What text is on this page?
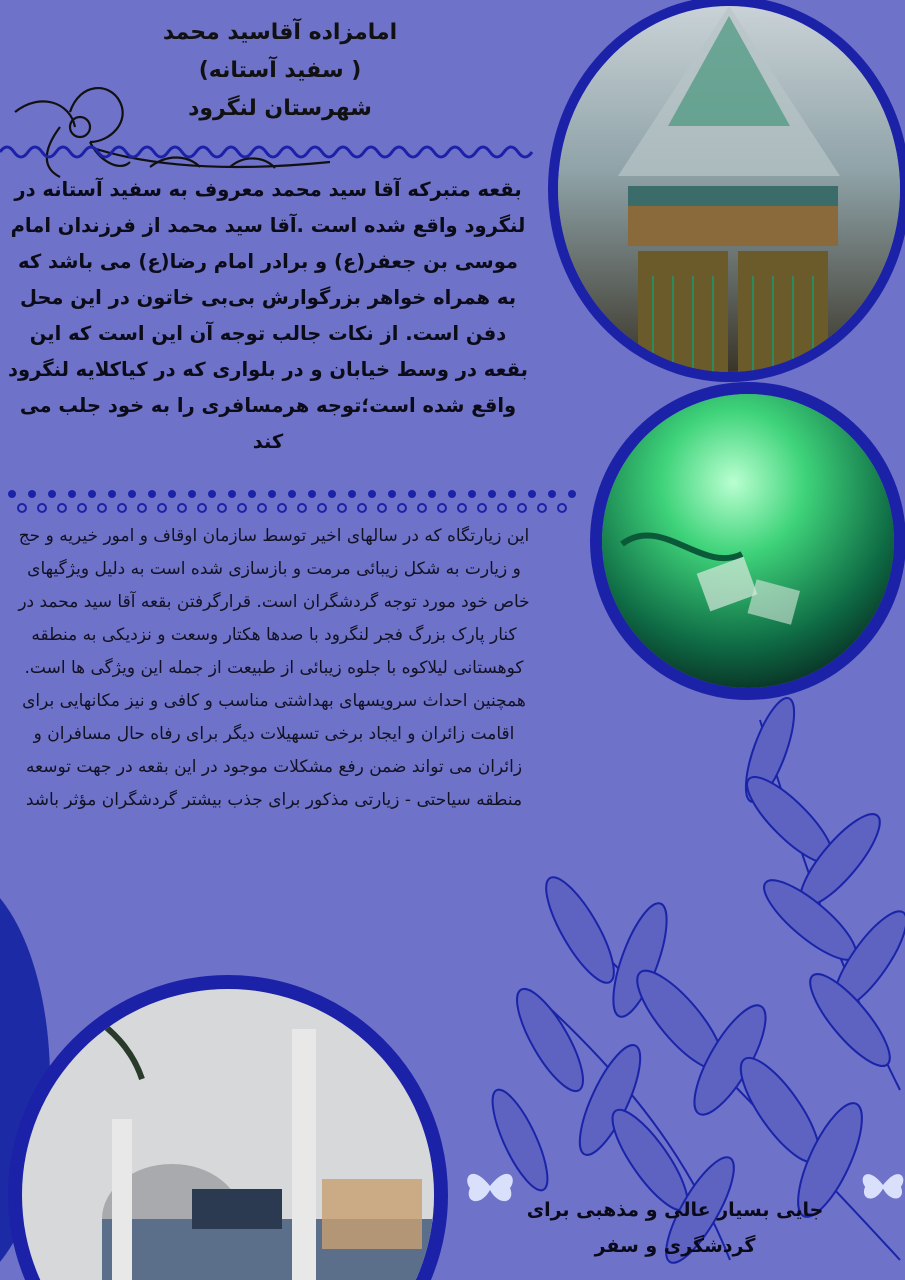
امامزاده آقاسید محمد
( سفید آستانه)
شهرستان لنگرود
بقعه متبرکه آقا سید محمد معروف به سفید آستانه در لنگرود واقع شده است .آقا سید محمد از فرزندان امام موسی بن جعفر(ع) و برادر امام رضا(ع) می باشد که به همراه خواهر بزرگوارش بی‌بی خاتون در این محل دفن است. از نکات جالب توجه آن این است که این بقعه در وسط خیابان و در بلواری که در کیاکلایه لنگرود واقع شده است؛توجه هرمسافری را به خود جلب می کند
این زیارتگاه که در سالهای اخیر توسط سازمان اوقاف و امور خیریه و حج و زیارت به شکل زیبائی مرمت و بازسازی شده است به دلیل ویژگیهای خاص خود مورد توجه گردشگران است. قرارگرفتن بقعه آقا سید محمد در کنار پارک بزرگ فجر لنگرود با صدها هکتار وسعت و نزدیکی به منطقه کوهستانی لیلاکوه با جلوه زیبائی از طبیعت از جمله این ویژگی ها است.
همچنین احداث سرویسهای بهداشتی مناسب و کافی و نیز مکانهایی برای اقامت زائران و ایجاد برخی تسهیلات دیگر برای رفاه حال مسافران و زائران می تواند ضمن رفع مشکلات موجود در این بقعه در جهت توسعه منطقه سیاحتی - زیارتی مذکور برای جذب بیشتر گردشگران مؤثر باشد
جایی بسیار عالی و مذهبی برای گردشگری و سفر
